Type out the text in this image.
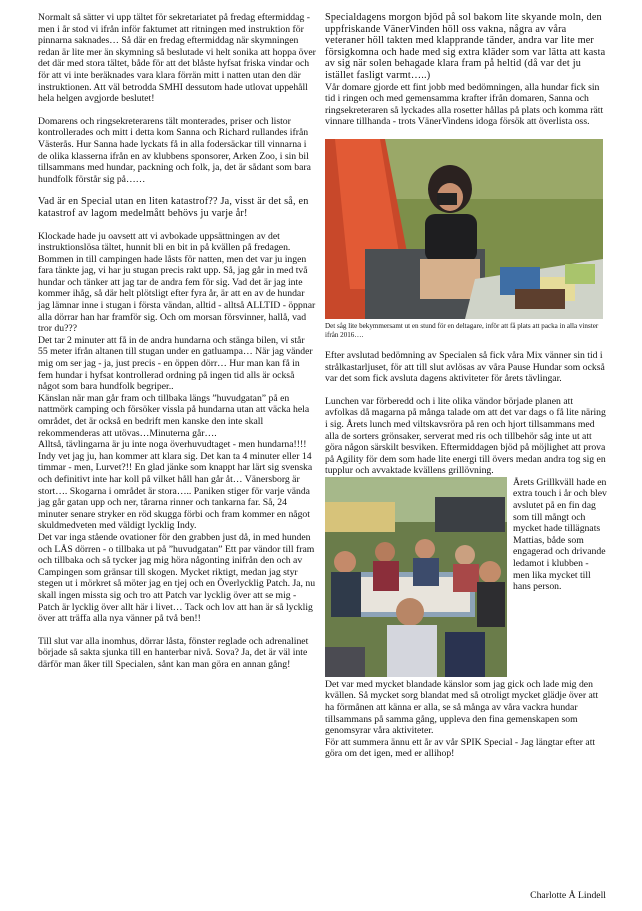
Normalt så sätter vi upp tältet för sekretariatet på fredag eftermiddag - men i år stod vi ifrån inför faktumet att ritningen med instruktion för pinnarna saknades… Så där en fredag eftermiddag när skymningen redan är lite mer än skymning så beslutade vi helt sonika att hoppa över det där med stora tältet, både för att det blåste hyfsat friska vindar och för att vi inte beräknades vara klara förrän mitt i natten utan den där instruktionen. Att väl betrodda SMHI dessutom hade utlovat uppehåll hela helgen avgjorde beslutet!

Domarens och ringsekreterarens tält monterades, priser och listor kontrollerades och mitt i detta kom Sanna och Richard rullandes ifrån Västerås. Hur Sanna hade lyckats få in alla fodersäckar till vinnarna i de olika klasserna ifrån en av klubbens sponsorer, Arken Zoo, i sin bil tillsammans med hundar, packning och folk, ja, det är sådant som bara hundfolk förstår sig på……

Vad är en Special utan en liten katastrof?? Ja, visst är det så, en katastrof av lagom medelmått behövs ju varje år!

Klockade hade ju oavsett att vi avbokade uppsättningen av det instruktionslösa tältet, hunnit bli en bit in på kvällen på fredagen. Bommen in till campingen hade låsts för natten, men det var ju ingen fara tänkte jag, vi har ju stugan precis rakt upp. Så, jag går in med två hundar och tänker att jag tar de andra fem för sig. Vad det är jag inte kommer ihåg, så där helt plötsligt efter fyra år, är att en av de hundar jag lämnar inne i stugan i första vändan, alltid - alltså ALLTID - öppnar alla dörrar han har framför sig. Och om morsan försvinner, hallå, vad tror du???

Det tar 2 minuter att få in de andra hundarna och stänga bilen, vi står 55 meter ifrån altanen till stugan under en gatluampa… När jag vänder mig om ser jag - ja, just precis - en öppen dörr… Hur man kan få in fem hundar i hyfsat kontrollerad ordning på ingen tid alls är också något som bara hundfolk begriper..

Känslan när man går fram och tillbaka längs ”huvudgatan” på en nattmörk camping och försöker vissla på hundarna utan att väcka hela området, det är också en bedrift men kanske den inte skall rekommenderas att utövas…Minuterna går….

Alltså, tävlingarna är ju inte noga överhuvudtaget - men hundarna!!!! Indy vet jag ju, han kommer att klara sig. Det kan ta 4 minuter eller 14 timmar - men, Lurvet?!! En glad jänke som knappt har lärt sig svenska och definitivt inte har koll på vilket håll han går åt… Vänersborg är stort…. Skogarna i området är stora….. Paniken stiger för varje vända jag går gatan upp och ner, tårarna rinner och tankarna far. Så, 24 minuter senare stryker en röd skugga förbi och fram kommer en något skuldmedveten med väldigt lycklig Indy.

Det var inga stående ovationer för den grabben just då, in med hunden och LÅS dörren - o tillbaka ut på ”huvudgatan” Ett par vändor till fram och tillbaka och så tycker jag mig höra någonting inifrån den och av Campingen som gränsar till skogen. Mycket riktigt, medan jag styr stegen ut i mörkret så möter jag en tjej och en Överlycklig Patch. Ja, nu skall ingen missta sig och tro att Patch var lycklig över att se mig - Patch är lycklig över allt här i livet… Tack och lov att han är så lycklig över att träffa alla nya vänner på två ben!!

Till slut var alla inomhus, dörrar låsta, fönster reglade och adrenalinet började så sakta sjunka till en hanterbar nivå. Sova? Ja, det är väl inte därför man åker till Specialen, sånt kan man göra en annan gång!

Specialdagens morgon bjöd på sol bakom lite skyande moln, den uppfriskande VänerVinden höll oss vakna, några av våra veteraner höll takten med klapprande tänder, andra var lite mer försigkomna och hade med sig extra kläder som var lätta att kasta av sig när solen behagade klara fram på heltid (då var det ju istället fasligt varmt…..)

Vår domare gjorde ett fint jobb med bedömningen, alla hundar fick sin tid i ringen och med gemensamma krafter ifrån domaren, Sanna och ringsekreteraren så lyckades alla rosetter hållas på plats och komma rätt vinnare tillhanda - trots VänerVindens idoga försök att överlista oss.

Det såg lite bekymmersamt ut en stund för en deltagare, inför att få plats att packa in alla vinster ifrån 2016….

Efter avslutad bedömning av Specialen så fick våra Mix vänner sin tid i strålkastarljuset, för att till slut avlösas av våra Pause Hundar som också var det som fick avsluta dagens aktiviteter för årets tävlingar.

Lunchen var förberedd och i lite olika vändor började planen att avfolkas då magarna på många talade om att det var dags o få lite näring i sig. Årets lunch med viltskavsröra på ren och hjort tillsammans med alla de sorters grönsaker, serverat med ris och tillbehör såg inte ut att göra någon särskilt besviken. Eftermiddagen bjöd på möjlighet att prova på Agility för dem som hade lite energi till övers medan andra tog sig en tupplur och avvaktade kvällens grillövning.

Årets Grillkväll hade en extra touch i år och blev avslutet på en fin dag som till mångt och mycket hade tillägnats Mattias, både som engagerad och drivande ledamot i klubben - men lika mycket till hans person.

Det var med mycket blandade känslor som jag gick och lade mig den kvällen. Så mycket sorg blandat med så otroligt mycket glädje över att ha förmånen att känna er alla, se så många av våra vackra hundar tillsammans på samma gång, uppleva den fina gemenskapen som genomsyrar våra aktiviteter.

För att summera ännu ett år av vår SPIK Special - Jag längtar efter att göra om det igen, med er allihop!

Charlotte Å Lindell
